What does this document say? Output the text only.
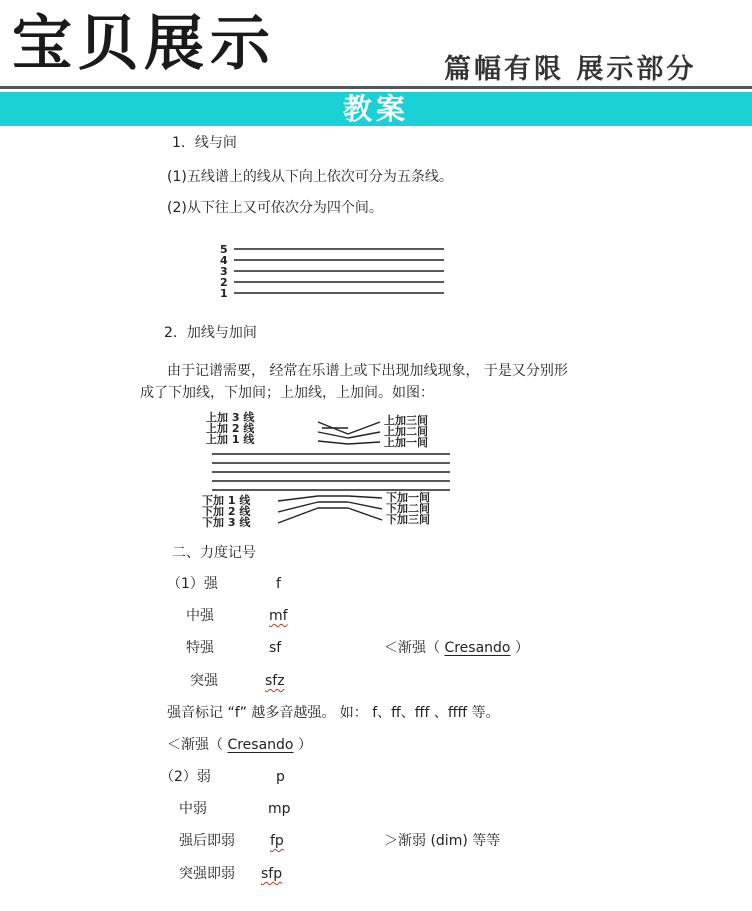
宝贝展示	篇幅有限 展示部分
教案
1．线与间
(1)五线谱上的线从下向上依次可分为五条线。
(2)从下往上又可依次分为四个间。
5
4
3
2
1
2．加线与加间
由于记谱需要， 经常在乐谱上或下出现加线现象， 于是又分别形
成了下加线，下加间；上加线，上加间。如图：
上加 3 线
上加 2 线
上加 1 线
上加三间
上加二间
上加一间
下加 1 线
下加 2 线
下加 3 线
下加一间
下加二间
下加三间
二、力度记号
（1）强	f
中强	mf
特强	sf	＜渐强（ Cresando ）
突强	sfz
强音标记 “f” 越多音越强。 如： f、ff、fff 、ffff 等。
＜渐强（ Cresando ）
（2）弱	p
中弱	mp
强后即弱	fp	＞渐弱 (dim) 等等
突强即弱 sfp
